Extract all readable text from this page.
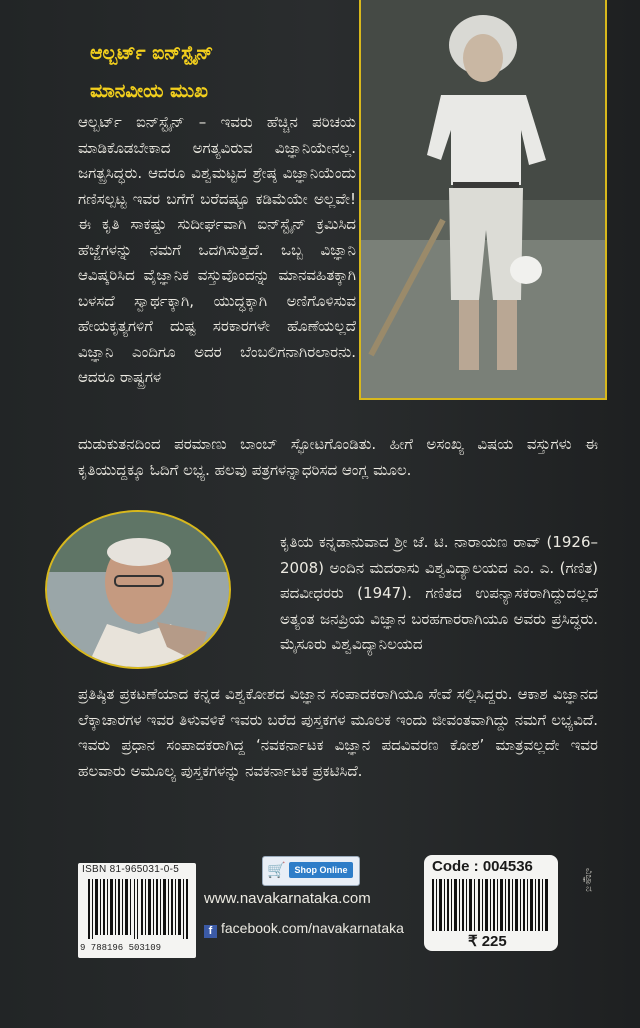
ಆಲ್ಬರ್ಟ್ ಐನ್‌ಸ್ಟೈನ್
ಮಾನವೀಯ ಮುಖ
ಆಲ್ಬರ್ಟ್ ಐನ್‌ಸ್ಟೈನ್ – ಇವರು ಹೆಚ್ಚಿನ ಪರಿಚಯ ಮಾಡಿಕೊಡಬೇಕಾದ ಅಗತ್ಯವಿರುವ ವಿಜ್ಞಾನಿಯೇನಲ್ಲ. ಜಗತ್ಪ್ರಸಿದ್ಧರು. ಆದರೂ ವಿಶ್ವಮಟ್ಟದ ಶ್ರೇಷ್ಠ ವಿಜ್ಞಾನಿಯೆಂದು ಗಣಿಸಲ್ಪಟ್ಟ ಇವರ ಬಗೆಗೆ ಬರೆದಷ್ಟೂ ಕಡಿಮೆಯೇ ಅಲ್ಲವೇ! ಈ ಕೃತಿ ಸಾಕಷ್ಟು ಸುದೀರ್ಘವಾಗಿ ಐನ್‌ಸ್ಟೈನ್ ಕ್ರಮಿಸಿದ ಹೆಜ್ಜೆಗಳನ್ನು ನಮಗೆ ಒದಗಿಸುತ್ತದೆ. ಒಬ್ಬ ವಿಜ್ಞಾನಿ ಆವಿಷ್ಕರಿಸಿದ ವೈಜ್ಞಾನಿಕ ವಸ್ತುವೊಂದನ್ನು ಮಾನವಹಿತಕ್ಕಾಗಿ ಬಳಸದೆ ಸ್ವಾರ್ಥಕ್ಕಾಗಿ, ಯುದ್ಧಕ್ಕಾಗಿ ಅಣಿಗೊಳಿಸುವ ಹೇಯಕೃತ್ಯಗಳಿಗೆ ದುಷ್ಟ ಸರಕಾರಗಳೇ ಹೊಣೆಯಲ್ಲದೆ ವಿಜ್ಞಾನಿ ಎಂದಿಗೂ ಅದರ ಬೆಂಬಲಿಗನಾಗಿರಲಾರನು. ಆದರೂ ರಾಷ್ಟ್ರಗಳ
ದುಡುಕುತನದಿಂದ ಪರಮಾಣು ಬಾಂಬ್ ಸ್ಫೋಟಗೊಂಡಿತು. ಹೀಗೆ ಅಸಂಖ್ಯ ವಿಷಯ ವಸ್ತುಗಳು ಈ ಕೃತಿಯುದ್ದಕ್ಕೂ ಓದಿಗೆ ಲಭ್ಯ. ಹಲವು ಪತ್ರಗಳನ್ನಾಧರಿಸದ ಆಂಗ್ಲ ಮೂಲ.
ಕೃತಿಯ ಕನ್ನಡಾನುವಾದ ಶ್ರೀ ಜೆ. ಟಿ. ನಾರಾಯಣ ರಾವ್ (1926–2008) ಅಂದಿನ ಮದರಾಸು ವಿಶ್ವವಿದ್ಯಾಲಯದ ಎಂ. ಎ. (ಗಣಿತ) ಪದವೀಧರರು (1947). ಗಣಿತದ ಉಪನ್ಯಾಸಕರಾಗಿದ್ದುದಲ್ಲದೆ ಅತ್ಯಂತ ಜನಪ್ರಿಯ ವಿಜ್ಞಾನ ಬರಹಗಾರರಾಗಿಯೂ ಅವರು ಪ್ರಸಿದ್ಧರು. ಮೈಸೂರು ವಿಶ್ವವಿದ್ಯಾನಿಲಯದ
ಪ್ರತಿಷ್ಠಿತ ಪ್ರಕಟಣೆಯಾದ ಕನ್ನಡ ವಿಶ್ವಕೋಶದ ವಿಜ್ಞಾನ ಸಂಪಾದಕರಾಗಿಯೂ ಸೇವೆ ಸಲ್ಲಿಸಿದ್ದರು. ಆಕಾಶ ವಿಜ್ಞಾನದ ಲೆಕ್ಕಾಚಾರಗಳ ಇವರ ತಿಳುವಳಿಕೆ ಇವರು ಬರೆದ ಪುಸ್ತಕಗಳ ಮೂಲಕ ಇಂದು ಜೀವಂತವಾಗಿದ್ದು ನಮಗೆ ಲಭ್ಯವಿದೆ. ಇವರು ಪ್ರಧಾನ ಸಂಪಾದಕರಾಗಿದ್ದ ‘ನವಕರ್ನಾಟಕ ವಿಜ್ಞಾನ ಪದವಿವರಣ ಕೋಶ’ ಮಾತ್ರವಲ್ಲದೇ ಇವರ ಹಲವಾರು ಅಮೂಲ್ಯ ಪುಸ್ತಕಗಳನ್ನು ನವಕರ್ನಾಟಕ ಪ್ರಕಟಿಸಿದೆ.
ISBN 81-965031-0-5
9 788196 503109
🛒 Shop Online
www.navakarnataka.com
f facebook.com/navakarnataka
Code : 004536
₹ 225
ವಿಜ್ಞಾನ
